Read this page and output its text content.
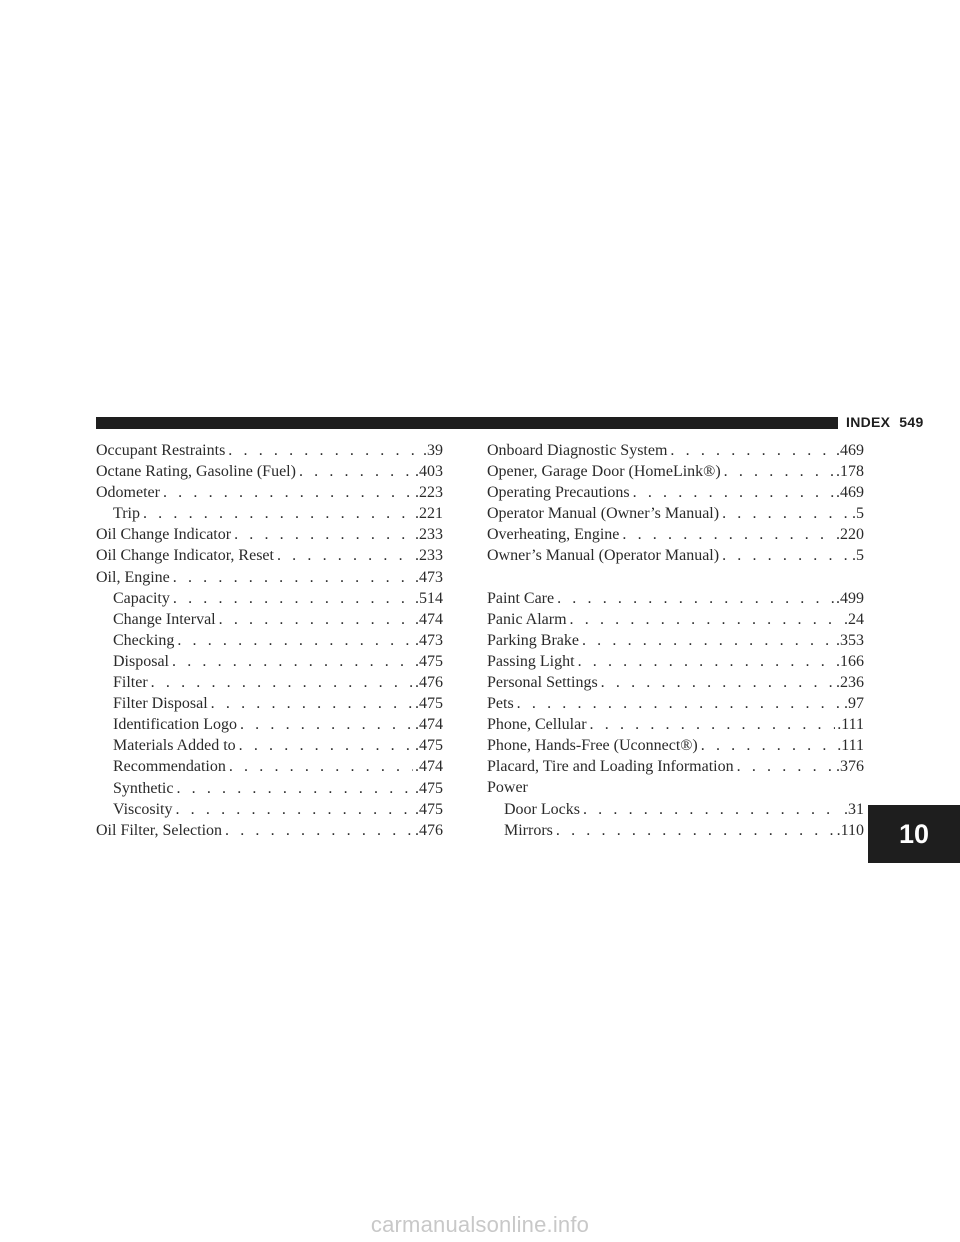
INDEX 549
Occupant Restraints . . .	.39
Octane Rating, Gasoline (Fuel) . . .	.403
Odometer . . .	.223
Trip . . .	.221
Oil Change Indicator . . .	.233
Oil Change Indicator, Reset . . .	.233
Oil, Engine . . .	.473
Capacity . . .	.514
Change Interval . . .	.474
Checking . . .	.473
Disposal . . .	.475
Filter . . .	.476
Filter Disposal . . .	.475
Identification Logo . . .	.474
Materials Added to . . .	.475
Recommendation . . .	.474
Synthetic . . .	.475
Viscosity . . .	.475
Oil Filter, Selection . . .	.476
Onboard Diagnostic System . . .	.469
Opener, Garage Door (HomeLink®) . . .	.178
Operating Precautions . . .	.469
Operator Manual (Owner’s Manual) . . .	.5
Overheating, Engine . . .	.220
Owner’s Manual (Operator Manual) . . .	.5
Paint Care . . .	.499
Panic Alarm . . .	.24
Parking Brake . . .	.353
Passing Light . . .	.166
Personal Settings . . .	.236
Pets . . .	.97
Phone, Cellular . . .	.111
Phone, Hands-Free (Uconnect®) . . .	.111
Placard, Tire and Loading Information . . .	.376
Power
Door Locks . . .	.31
Mirrors . . .	.110	10
carmanualsonline.info
